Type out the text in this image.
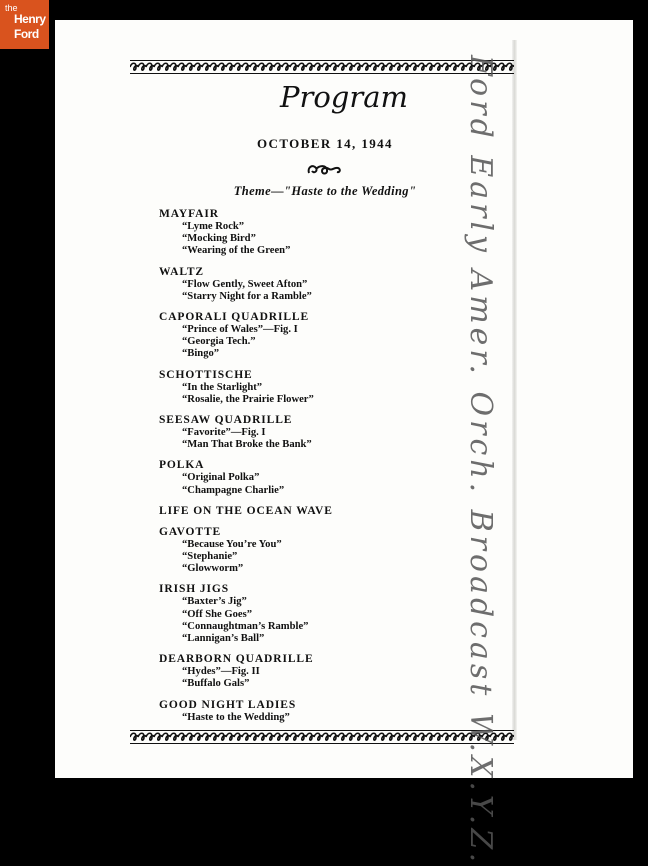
the
Henry
Ford
Program
OCTOBER 14, 1944
Theme—"Haste to the Wedding"
MAYFAIR
“Lyme Rock”
“Mocking Bird”
“Wearing of the Green”
WALTZ
“Flow Gently, Sweet Afton”
“Starry Night for a Ramble”
CAPORALI QUADRILLE
“Prince of Wales”—Fig. I
“Georgia Tech.”
“Bingo”
SCHOTTISCHE
“In the Starlight”
“Rosalie, the Prairie Flower”
SEESAW QUADRILLE
“Favorite”—Fig. I
“Man That Broke the Bank”
POLKA
“Original Polka”
“Champagne Charlie”
LIFE ON THE OCEAN WAVE
GAVOTTE
“Because You’re You”
“Stephanie”
“Glowworm”
IRISH JIGS
“Baxter’s Jig”
“Off She Goes”
“Connaughtman’s Ramble”
“Lannigan’s Ball”
DEARBORN QUADRILLE
“Hydes”—Fig. II
“Buffalo Gals”
GOOD NIGHT LADIES
“Haste to the Wedding”	Ford Early Amer. Orch. Broadcast W.X.Y.Z.
